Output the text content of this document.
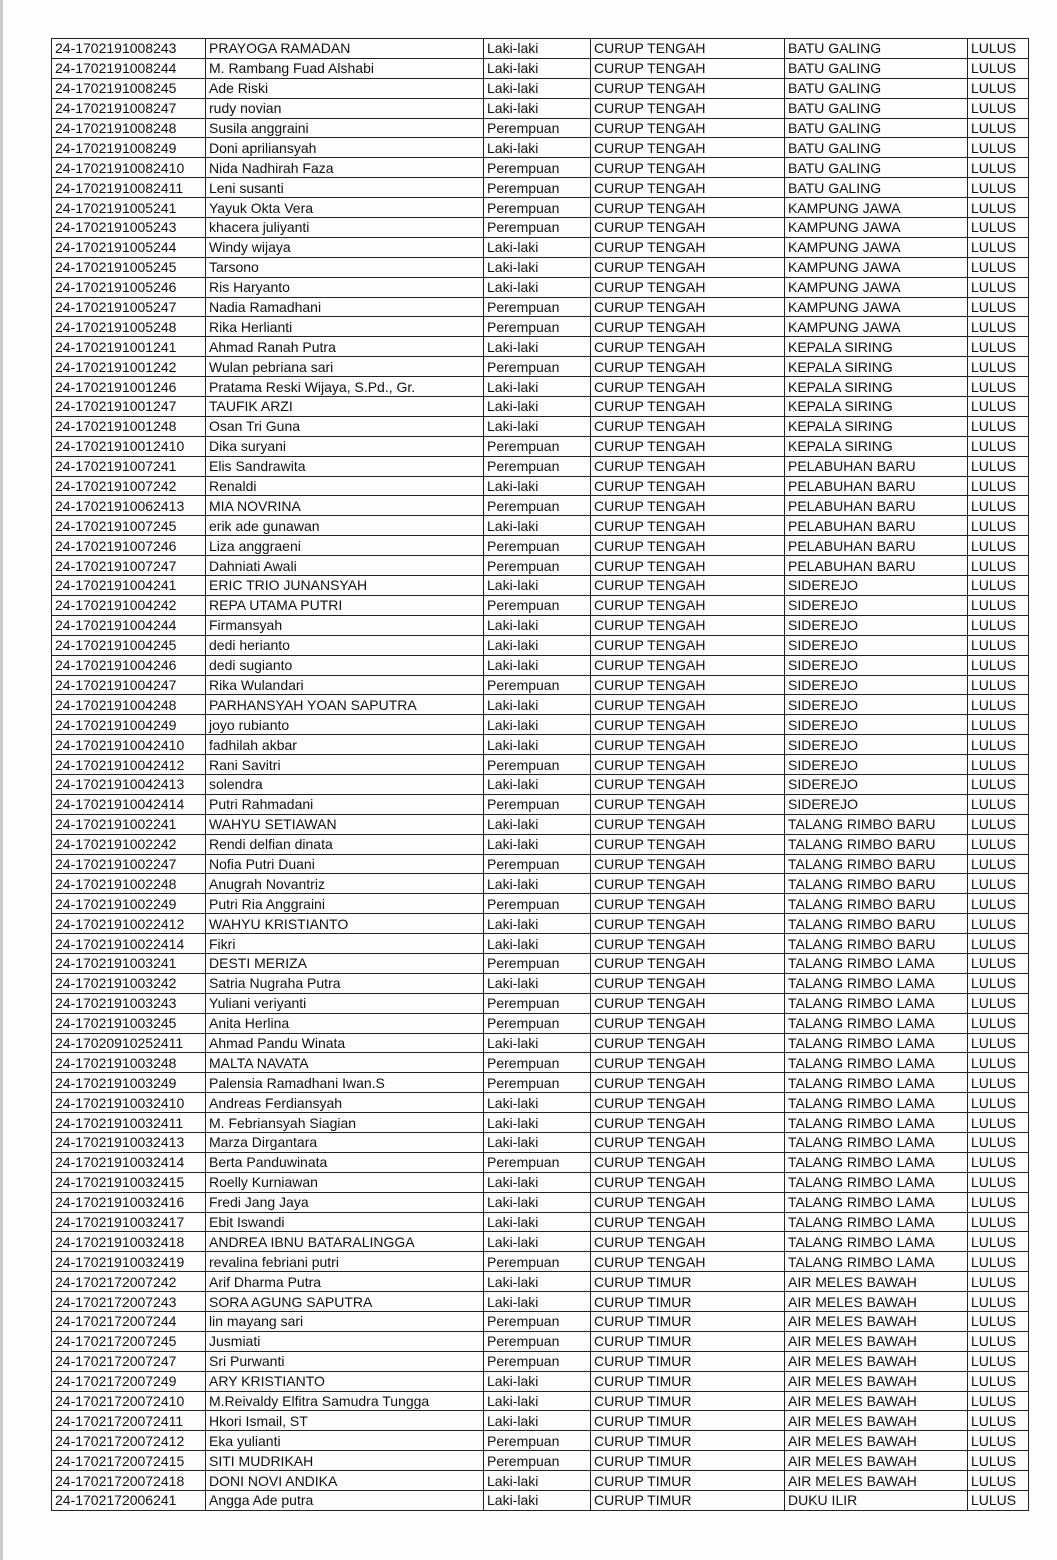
24-1702191008243	PRAYOGA RAMADAN	Laki-laki	CURUP TENGAH	BATU GALING	LULUS
24-1702191008244	M. Rambang Fuad Alshabi	Laki-laki	CURUP TENGAH	BATU GALING	LULUS
24-1702191008245	Ade Riski	Laki-laki	CURUP TENGAH	BATU GALING	LULUS
24-1702191008247	rudy novian	Laki-laki	CURUP TENGAH	BATU GALING	LULUS
24-1702191008248	Susila anggraini	Perempuan	CURUP TENGAH	BATU GALING	LULUS
24-1702191008249	Doni apriliansyah	Laki-laki	CURUP TENGAH	BATU GALING	LULUS
24-17021910082410	Nida Nadhirah Faza	Perempuan	CURUP TENGAH	BATU GALING	LULUS
24-17021910082411	Leni susanti	Perempuan	CURUP TENGAH	BATU GALING	LULUS
24-1702191005241	Yayuk Okta Vera	Perempuan	CURUP TENGAH	KAMPUNG JAWA	LULUS
24-1702191005243	khacera juliyanti	Perempuan	CURUP TENGAH	KAMPUNG JAWA	LULUS
24-1702191005244	Windy wijaya	Laki-laki	CURUP TENGAH	KAMPUNG JAWA	LULUS
24-1702191005245	Tarsono	Laki-laki	CURUP TENGAH	KAMPUNG JAWA	LULUS
24-1702191005246	Ris Haryanto	Laki-laki	CURUP TENGAH	KAMPUNG JAWA	LULUS
24-1702191005247	Nadia Ramadhani	Perempuan	CURUP TENGAH	KAMPUNG JAWA	LULUS
24-1702191005248	Rika Herlianti	Perempuan	CURUP TENGAH	KAMPUNG JAWA	LULUS
24-1702191001241	Ahmad Ranah Putra	Laki-laki	CURUP TENGAH	KEPALA SIRING	LULUS
24-1702191001242	Wulan pebriana sari	Perempuan	CURUP TENGAH	KEPALA SIRING	LULUS
24-1702191001246	Pratama Reski Wijaya, S.Pd., Gr.	Laki-laki	CURUP TENGAH	KEPALA SIRING	LULUS
24-1702191001247	TAUFIK ARZI	Laki-laki	CURUP TENGAH	KEPALA SIRING	LULUS
24-1702191001248	Osan Tri Guna	Laki-laki	CURUP TENGAH	KEPALA SIRING	LULUS
24-17021910012410	Dika suryani	Perempuan	CURUP TENGAH	KEPALA SIRING	LULUS
24-1702191007241	Elis Sandrawita	Perempuan	CURUP TENGAH	PELABUHAN BARU	LULUS
24-1702191007242	Renaldi	Laki-laki	CURUP TENGAH	PELABUHAN BARU	LULUS
24-17021910062413	MIA NOVRINA	Perempuan	CURUP TENGAH	PELABUHAN BARU	LULUS
24-1702191007245	erik ade gunawan	Laki-laki	CURUP TENGAH	PELABUHAN BARU	LULUS
24-1702191007246	Liza anggraeni	Perempuan	CURUP TENGAH	PELABUHAN BARU	LULUS
24-1702191007247	Dahniati Awali	Perempuan	CURUP TENGAH	PELABUHAN BARU	LULUS
24-1702191004241	ERIC TRIO JUNANSYAH	Laki-laki	CURUP TENGAH	SIDEREJO	LULUS
24-1702191004242	REPA UTAMA PUTRI	Perempuan	CURUP TENGAH	SIDEREJO	LULUS
24-1702191004244	Firmansyah	Laki-laki	CURUP TENGAH	SIDEREJO	LULUS
24-1702191004245	dedi herianto	Laki-laki	CURUP TENGAH	SIDEREJO	LULUS
24-1702191004246	dedi sugianto	Laki-laki	CURUP TENGAH	SIDEREJO	LULUS
24-1702191004247	Rika Wulandari	Perempuan	CURUP TENGAH	SIDEREJO	LULUS
24-1702191004248	PARHANSYAH YOAN SAPUTRA	Laki-laki	CURUP TENGAH	SIDEREJO	LULUS
24-1702191004249	joyo rubianto	Laki-laki	CURUP TENGAH	SIDEREJO	LULUS
24-17021910042410	fadhilah akbar	Laki-laki	CURUP TENGAH	SIDEREJO	LULUS
24-17021910042412	Rani Savitri	Perempuan	CURUP TENGAH	SIDEREJO	LULUS
24-17021910042413	solendra	Laki-laki	CURUP TENGAH	SIDEREJO	LULUS
24-17021910042414	Putri Rahmadani	Perempuan	CURUP TENGAH	SIDEREJO	LULUS
24-1702191002241	WAHYU SETIAWAN	Laki-laki	CURUP TENGAH	TALANG RIMBO BARU	LULUS
24-1702191002242	Rendi delfian dinata	Laki-laki	CURUP TENGAH	TALANG RIMBO BARU	LULUS
24-1702191002247	Nofia Putri Duani	Perempuan	CURUP TENGAH	TALANG RIMBO BARU	LULUS
24-1702191002248	Anugrah Novantriz	Laki-laki	CURUP TENGAH	TALANG RIMBO BARU	LULUS
24-1702191002249	Putri Ria Anggraini	Perempuan	CURUP TENGAH	TALANG RIMBO BARU	LULUS
24-17021910022412	WAHYU KRISTIANTO	Laki-laki	CURUP TENGAH	TALANG RIMBO BARU	LULUS
24-17021910022414	Fikri	Laki-laki	CURUP TENGAH	TALANG RIMBO BARU	LULUS
24-1702191003241	DESTI MERIZA	Perempuan	CURUP TENGAH	TALANG RIMBO LAMA	LULUS
24-1702191003242	Satria Nugraha Putra	Laki-laki	CURUP TENGAH	TALANG RIMBO LAMA	LULUS
24-1702191003243	Yuliani veriyanti	Perempuan	CURUP TENGAH	TALANG RIMBO LAMA	LULUS
24-1702191003245	Anita Herlina	Perempuan	CURUP TENGAH	TALANG RIMBO LAMA	LULUS
24-17020910252411	Ahmad Pandu Winata	Laki-laki	CURUP TENGAH	TALANG RIMBO LAMA	LULUS
24-1702191003248	MALTA NAVATA	Perempuan	CURUP TENGAH	TALANG RIMBO LAMA	LULUS
24-1702191003249	Palensia Ramadhani Iwan.S	Perempuan	CURUP TENGAH	TALANG RIMBO LAMA	LULUS
24-17021910032410	Andreas Ferdiansyah	Laki-laki	CURUP TENGAH	TALANG RIMBO LAMA	LULUS
24-17021910032411	M. Febriansyah Siagian	Laki-laki	CURUP TENGAH	TALANG RIMBO LAMA	LULUS
24-17021910032413	Marza Dirgantara	Laki-laki	CURUP TENGAH	TALANG RIMBO LAMA	LULUS
24-17021910032414	Berta Panduwinata	Perempuan	CURUP TENGAH	TALANG RIMBO LAMA	LULUS
24-17021910032415	Roelly Kurniawan	Laki-laki	CURUP TENGAH	TALANG RIMBO LAMA	LULUS
24-17021910032416	Fredi Jang Jaya	Laki-laki	CURUP TENGAH	TALANG RIMBO LAMA	LULUS
24-17021910032417	Ebit Iswandi	Laki-laki	CURUP TENGAH	TALANG RIMBO LAMA	LULUS
24-17021910032418	ANDREA IBNU BATARALINGGA	Laki-laki	CURUP TENGAH	TALANG RIMBO LAMA	LULUS
24-17021910032419	revalina febriani putri	Perempuan	CURUP TENGAH	TALANG RIMBO LAMA	LULUS
24-1702172007242	Arif Dharma Putra	Laki-laki	CURUP TIMUR	AIR MELES BAWAH	LULUS
24-1702172007243	SORA AGUNG SAPUTRA	Laki-laki	CURUP TIMUR	AIR MELES BAWAH	LULUS
24-1702172007244	lin mayang sari	Perempuan	CURUP TIMUR	AIR MELES BAWAH	LULUS
24-1702172007245	Jusmiati	Perempuan	CURUP TIMUR	AIR MELES BAWAH	LULUS
24-1702172007247	Sri Purwanti	Perempuan	CURUP TIMUR	AIR MELES BAWAH	LULUS
24-1702172007249	ARY KRISTIANTO	Laki-laki	CURUP TIMUR	AIR MELES BAWAH	LULUS
24-17021720072410	M.Reivaldy Elfitra Samudra Tungga	Laki-laki	CURUP TIMUR	AIR MELES BAWAH	LULUS
24-17021720072411	Hkori Ismail, ST	Laki-laki	CURUP TIMUR	AIR MELES BAWAH	LULUS
24-17021720072412	Eka yulianti	Perempuan	CURUP TIMUR	AIR MELES BAWAH	LULUS
24-17021720072415	SITI MUDRIKAH	Perempuan	CURUP TIMUR	AIR MELES BAWAH	LULUS
24-17021720072418	DONI NOVI ANDIKA	Laki-laki	CURUP TIMUR	AIR MELES BAWAH	LULUS
24-1702172006241	Angga Ade putra	Laki-laki	CURUP TIMUR	DUKU ILIR	LULUS
